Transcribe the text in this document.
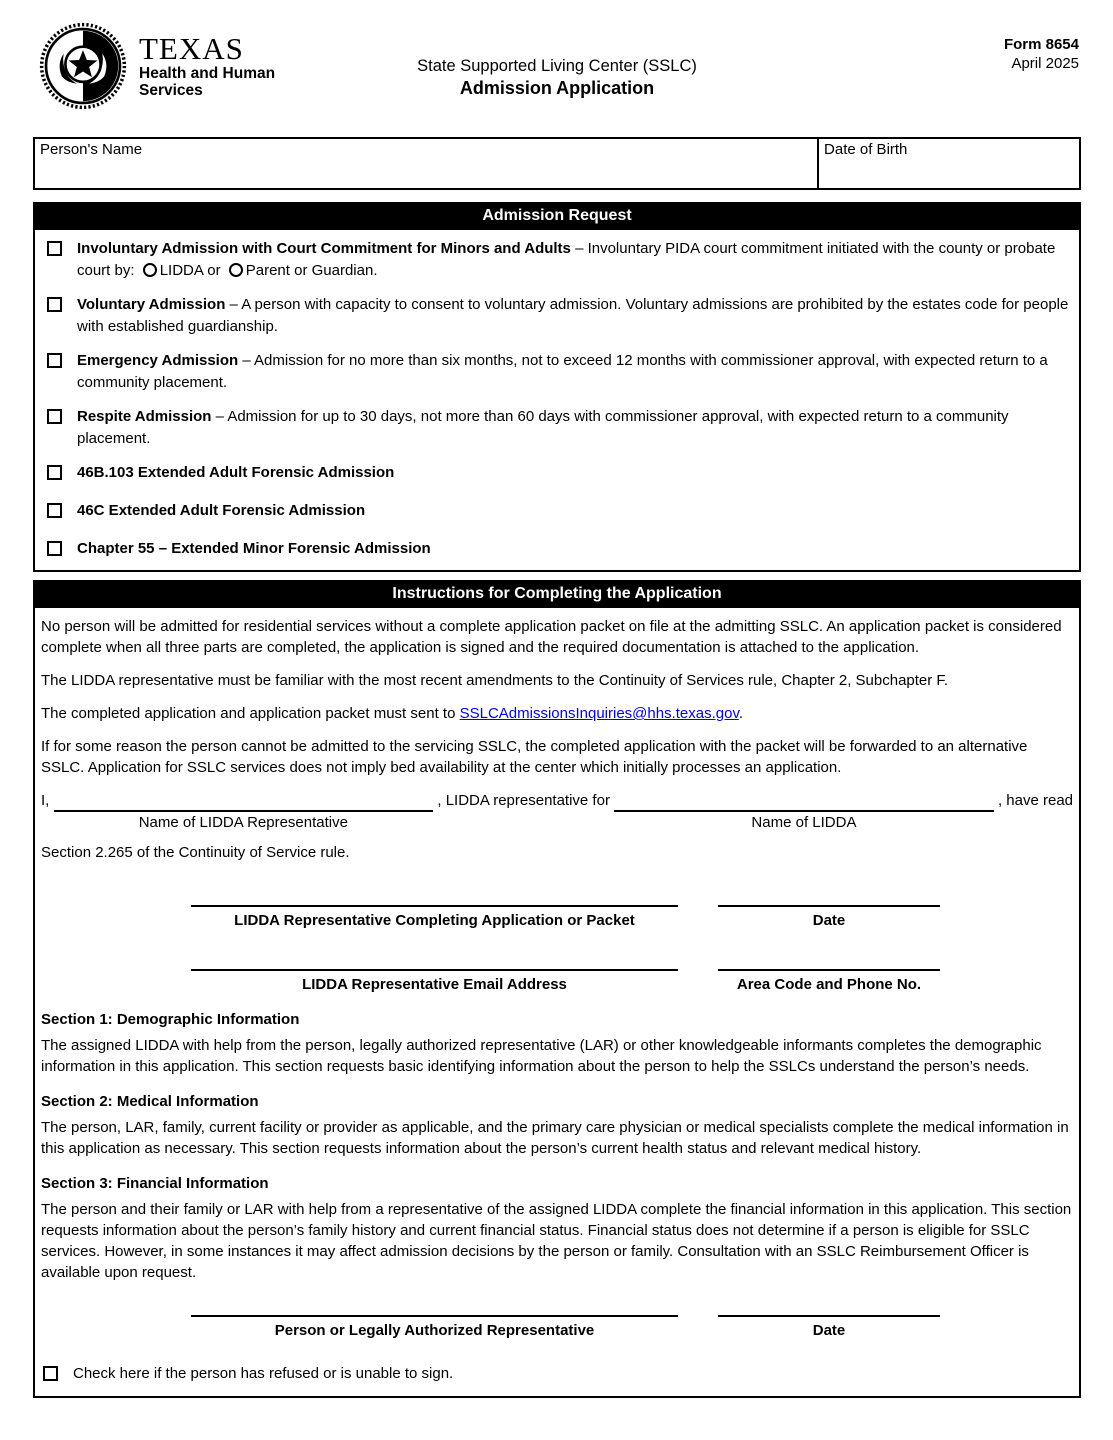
TEXAS
Health and Human
Services
State Supported Living Center (SSLC)
Admission Application
Form 8654
April 2025
Person's Name	Date of Birth
Admission Request
Involuntary Admission with Court Commitment for Minors and Adults – Involuntary PIDA court commitment initiated with the county or probate court by: LIDDA or Parent or Guardian.
Voluntary Admission – A person with capacity to consent to voluntary admission. Voluntary admissions are prohibited by the estates code for people with established guardianship.
Emergency Admission – Admission for no more than six months, not to exceed 12 months with commissioner approval, with expected return to a community placement.
Respite Admission – Admission for up to 30 days, not more than 60 days with commissioner approval, with expected return to a community placement.
46B.103 Extended Adult Forensic Admission
46C Extended Adult Forensic Admission
Chapter 55 – Extended Minor Forensic Admission
Instructions for Completing the Application

No person will be admitted for residential services without a complete application packet on file at the admitting SSLC. An application packet is considered complete when all three parts are completed, the application is signed and the required documentation is attached to the application.

The LIDDA representative must be familiar with the most recent amendments to the Continuity of Services rule, Chapter 2, Subchapter F.

The completed application and application packet must sent to SSLCAdmissionsInquiries@hhs.texas.gov.

If for some reason the person cannot be admitted to the servicing SSLC, the completed application with the packet will be forwarded to an alternative SSLC. Application for SSLC services does not imply bed availability at the center which initially processes an application.

I,	, LIDDA representative for	, have read
Name of LIDDA Representative	Name of LIDDA

Section 2.265 of the Continuity of Service rule.

LIDDA Representative Completing Application or Packet	Date
LIDDA Representative Email Address	Area Code and Phone No.
Section 1: Demographic Information

The assigned LIDDA with help from the person, legally authorized representative (LAR) or other knowledgeable informants completes the demographic information in this application. This section requests basic identifying information about the person to help the SSLCs understand the person’s needs.

Section 2: Medical Information

The person, LAR, family, current facility or provider as applicable, and the primary care physician or medical specialists complete the medical information in this application as necessary. This section requests information about the person’s current health status and relevant medical history.

Section 3: Financial Information

The person and their family or LAR with help from a representative of the assigned LIDDA complete the financial information in this application. This section requests information about the person’s family history and current financial status. Financial status does not determine if a person is eligible for SSLC services. However, in some instances it may affect admission decisions by the person or family. Consultation with an SSLC Reimbursement Officer is available upon request.

Person or Legally Authorized Representative	Date
Check here if the person has refused or is unable to sign.
